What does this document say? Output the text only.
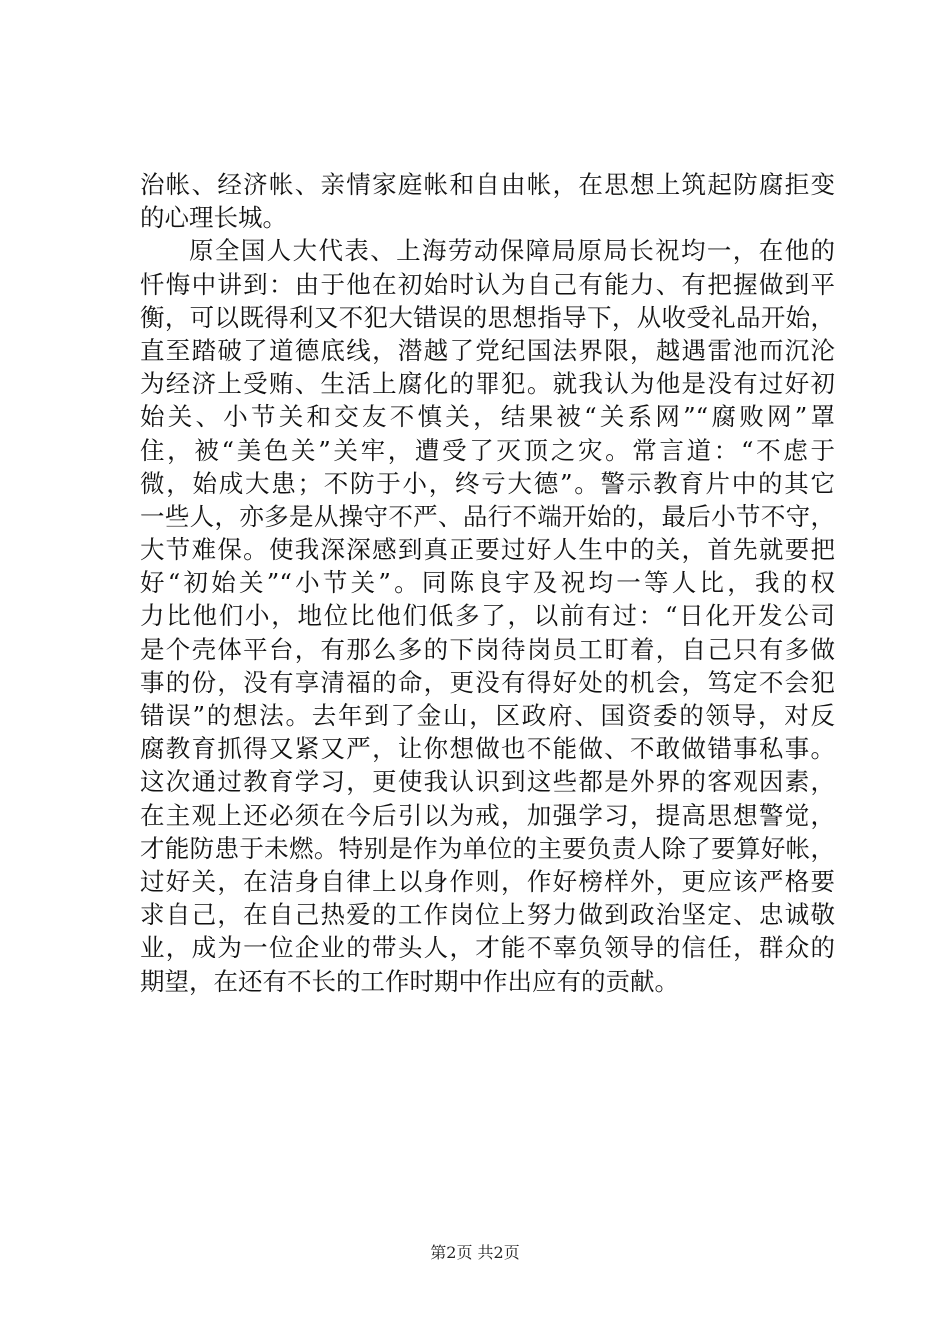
治帐、经济帐、亲情家庭帐和自由帐，在思想上筑起防腐拒变
的心理长城。
原全国人大代表、上海劳动保障局原局长祝均一，在他的
忏悔中讲到：由于他在初始时认为自己有能力、有把握做到平
衡，可以既得利又不犯大错误的思想指导下，从收受礼品开始，
直至踏破了道德底线，潜越了党纪国法界限，越遇雷池而沉沦
为经济上受贿、生活上腐化的罪犯。就我认为他是没有过好初
始关、小节关和交友不慎关，结果被“关系网”“腐败网”罩
住，被“美色关”关牢，遭受了灭顶之灾。常言道：“不虑于
微，始成大患；不防于小，终亏大德”。警示教育片中的其它
一些人，亦多是从操守不严、品行不端开始的，最后小节不守，
大节难保。使我深深感到真正要过好人生中的关，首先就要把
好“初始关”“小节关”。同陈良宇及祝均一等人比，我的权
力比他们小，地位比他们低多了，以前有过：“日化开发公司
是个壳体平台，有那么多的下岗待岗员工盯着，自己只有多做
事的份，没有享清福的命，更没有得好处的机会，笃定不会犯
错误”的想法。去年到了金山，区政府、国资委的领导，对反
腐教育抓得又紧又严，让你想做也不能做、不敢做错事私事。
这次通过教育学习，更使我认识到这些都是外界的客观因素，
在主观上还必须在今后引以为戒，加强学习，提高思想警觉，
才能防患于未燃。特别是作为单位的主要负责人除了要算好帐，
过好关，在洁身自律上以身作则，作好榜样外，更应该严格要
求自己，在自己热爱的工作岗位上努力做到政治坚定、忠诚敬
业，成为一位企业的带头人，才能不辜负领导的信任，群众的
期望，在还有不长的工作时期中作出应有的贡献。
第2页 共2页
